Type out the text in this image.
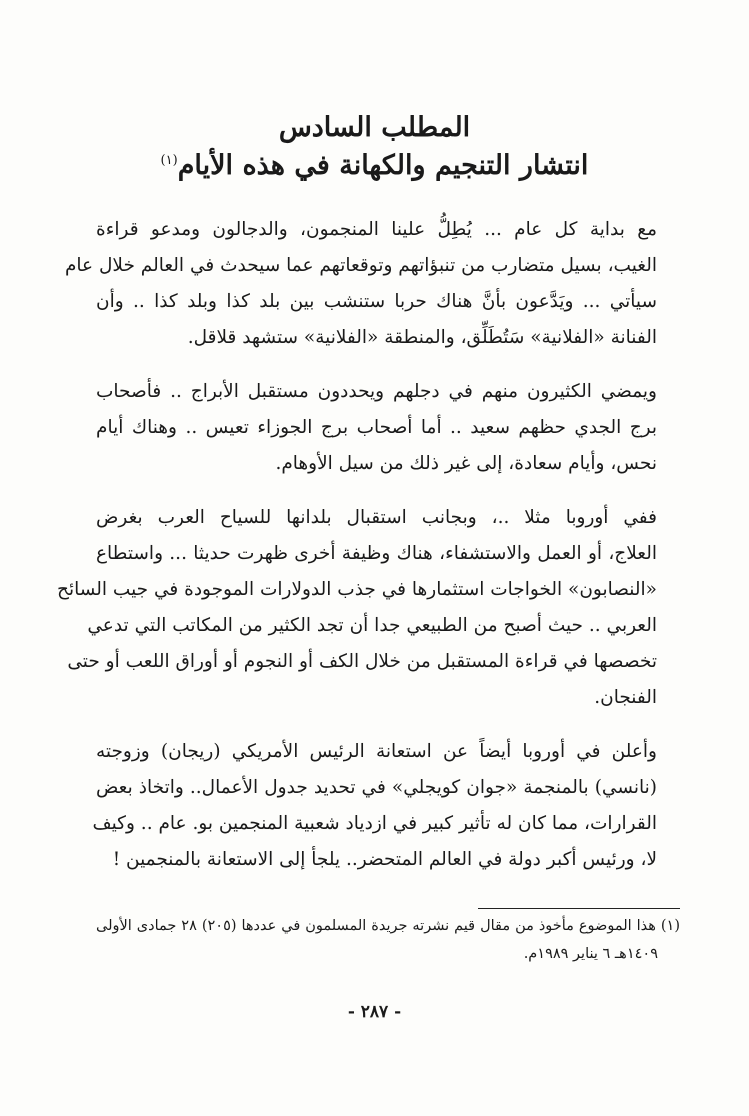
المطلب السادس
انتشار التنجيم والكهانة في هذه الأيام$^{(١)}$

مع بداية كل عام ... يُطِلُّ علينا المنجمون، والدجالون ومدعو قراءة
الغيب، بسيل متضارب من تنبؤاتهم وتوقعاتهم عما سيحدث في العالم خلال عام
سيأتي ... ويَدَّعون بأنَّ هناك حربا ستنشب بين بلد كذا وبلد كذا .. وأن
الفنانة «الفلانية» سَتُطَلِّق، والمنطقة «الفلانية» ستشهد قلاقل.

ويمضي الكثيرون منهم في دجلهم ويحددون مستقبل الأبراج .. فأصحاب
برج الجدي حظهم سعيد .. أما أصحاب برج الجوزاء تعيس .. وهناك أيام
نحس، وأيام سعادة، إلى غير ذلك من سيل الأوهام.

ففي أوروبا مثلا ..، وبجانب استقبال بلدانها للسياح العرب بغرض
العلاج، أو العمل والاستشفاء، هناك وظيفة أخرى ظهرت حديثا ... واستطاع
«النصابون» الخواجات استثمارها في جذب الدولارات الموجودة في جيب السائح
العربي .. حيث أصبح من الطبيعي جدا أن تجد الكثير من المكاتب التي تدعي
تخصصها في قراءة المستقبل من خلال الكف أو النجوم أو أوراق اللعب أو حتى
الفنجان.

وأعلن في أوروبا أيضاً عن استعانة الرئيس الأمريكي (ريجان) وزوجته
(نانسي) بالمنجمة «جوان كويجلي» في تحديد جدول الأعمال.. واتخاذ بعض
القرارات، مما كان له تأثير كبير في ازدياد شعبية المنجمين بو. عام .. وكيف
لا، ورئيس أكبر دولة في العالم المتحضر.. يلجأ إلى الاستعانة بالمنجمين !

(١) هذا الموضوع مأخوذ من مقال قيم نشرته جريدة المسلمون في عددها (٢٠٥) ٢٨ جمادى الأولى
١٤٠٩هـ ٦ يناير ١٩٨٩م.

- ٢٨٧ -
